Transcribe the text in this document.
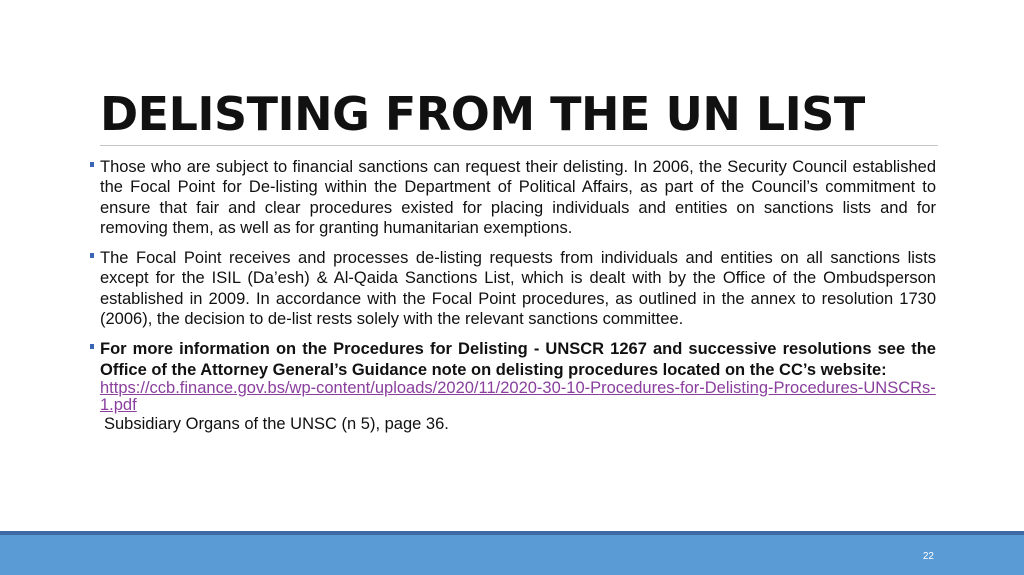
DELISTING FROM THE UN LIST

Those who are subject to financial sanctions can request their delisting. In 2006, the Security Council established the Focal Point for De-listing within the Department of Political Affairs, as part of the Council’s commitment to ensure that fair and clear procedures existed for placing individuals and entities on sanctions lists and for removing them, as well as for granting humanitarian exemptions.

The Focal Point receives and processes de-listing requests from individuals and entities on all sanctions lists except for the ISIL (Da’esh) & Al-Qaida Sanctions List, which is dealt with by the Office of the Ombudsperson established in 2009. In accordance with the Focal Point procedures, as outlined in the annex to resolution 1730 (2006), the decision to de-list rests solely with the relevant sanctions committee.

For more information on the Procedures for Delisting - UNSCR 1267 and successive resolutions see the Office of the Attorney General’s Guidance note on delisting procedures located on the CC’s website:
https://ccb.finance.gov.bs/wp-content/uploads/2020/11/2020-30-10-Procedures-for-Delisting-Procedures-UNSCRs-1.pdf
Subsidiary Organs of the UNSC (n 5), page 36.
22
